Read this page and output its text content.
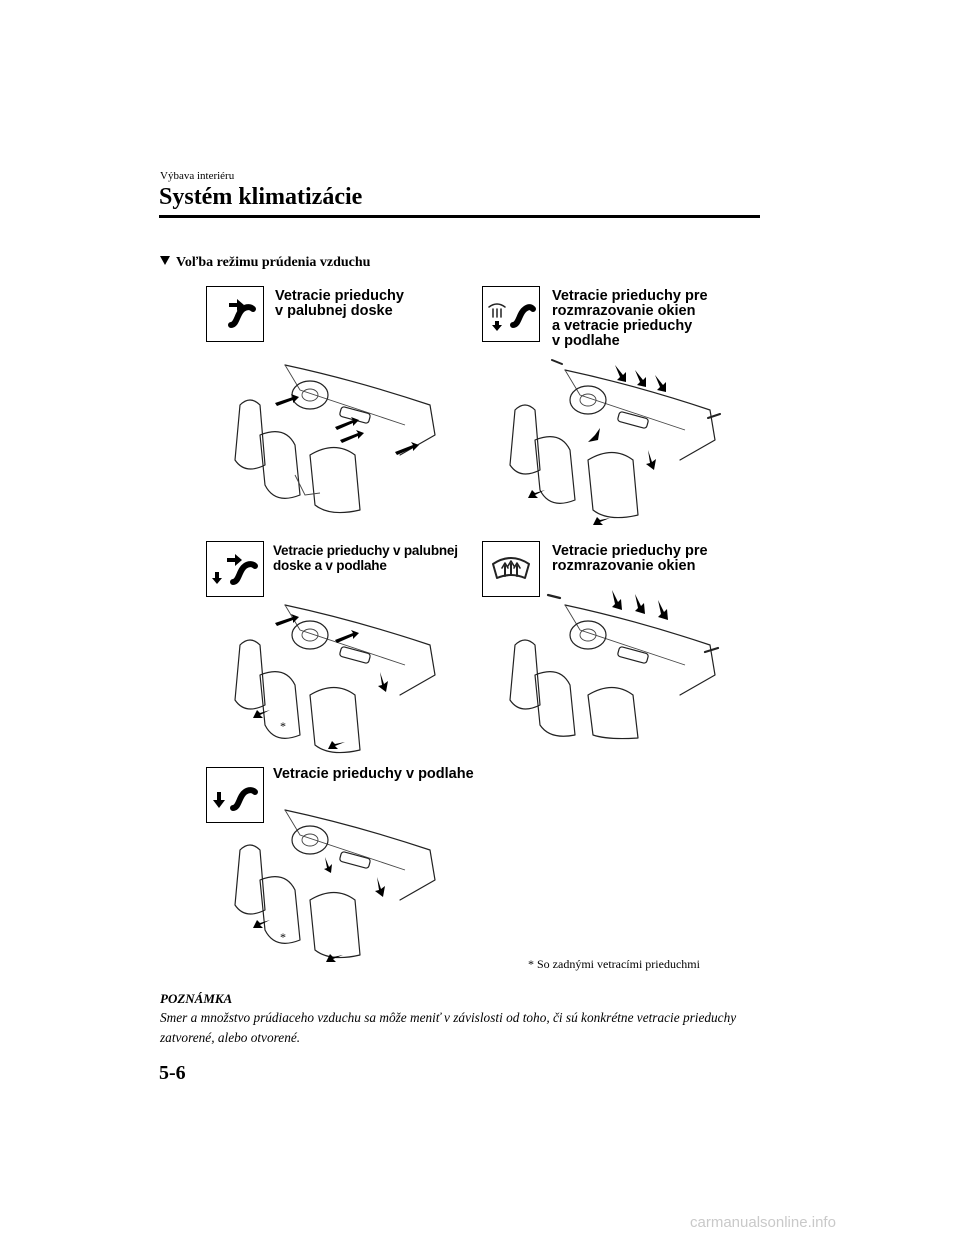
Výbava interiéru
Systém klimatizácie
Voľba režimu prúdenia vzduchu
Vetracie prieduchy
v palubnej doske
Vetracie prieduchy pre
rozmrazovanie okien
a vetracie prieduchy
v podlahe
Vetracie prieduchy v palubnej
doske a v podlahe
Vetracie prieduchy pre
rozmrazovanie okien
Vetracie prieduchy v podlahe
*
*
* So zadnými vetracími prieduchmi
POZNÁMKA
Smer a množstvo prúdiaceho vzduchu sa môže meniť v závislosti od toho, či sú konkrétne vetracie prieduchy zatvorené, alebo otvorené.
5-6
carmanualsonline.info
